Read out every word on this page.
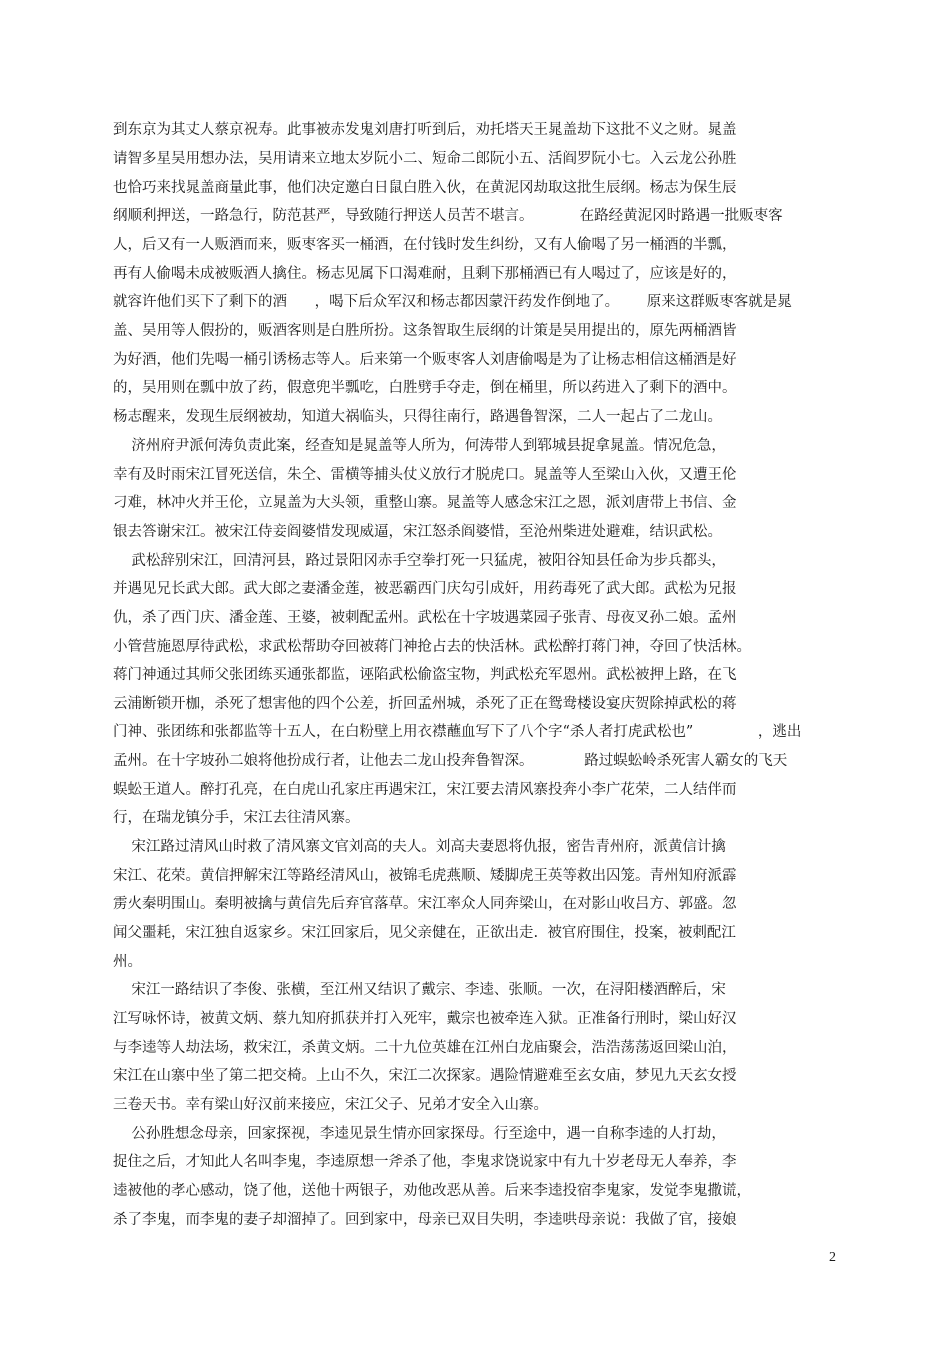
到东京为其丈人蔡京祝寿。此事被赤发鬼刘唐打听到后，劝托塔天王晁盖劫下这批不义之财。晁盖
请智多星吴用想办法，吴用请来立地太岁阮小二、短命二郎阮小五、活阎罗阮小七。入云龙公孙胜
也恰巧来找晁盖商量此事，他们决定邀白日鼠白胜入伙，在黄泥冈劫取这批生辰纲。杨志为保生辰
纲顺利押送，一路急行，防范甚严，导致随行押送人员苦不堪言。          在路经黄泥冈时路遇一批贩枣客
人，后又有一人贩酒而来，贩枣客买一桶酒，在付钱时发生纠纷，又有人偷喝了另一桶酒的半瓢，
再有人偷喝未成被贩酒人擒住。杨志见属下口渴难耐，且剩下那桶酒已有人喝过了，应该是好的，
就容许他们买下了剩下的酒      ，喝下后众军汉和杨志都因蒙汗药发作倒地了。      原来这群贩枣客就是晁
盖、吴用等人假扮的，贩酒客则是白胜所扮。这条智取生辰纲的计策是吴用提出的，原先两桶酒皆
为好酒，他们先喝一桶引诱杨志等人。后来第一个贩枣客人刘唐偷喝是为了让杨志相信这桶酒是好
的，吴用则在瓢中放了药，假意兜半瓢吃，白胜劈手夺走，倒在桶里，所以药进入了剩下的酒中。
杨志醒来，发现生辰纲被劫，知道大祸临头，只得往南行，路遇鲁智深，二人一起占了二龙山。
济州府尹派何涛负责此案，经查知是晁盖等人所为，何涛带人到郓城县捉拿晁盖。情况危急，
幸有及时雨宋江冒死送信，朱仝、雷横等捕头仗义放行才脱虎口。晁盖等人至梁山入伙，又遭王伦
刁难，林冲火并王伦，立晁盖为大头领，重整山寨。晁盖等人感念宋江之恩，派刘唐带上书信、金
银去答谢宋江。被宋江侍妾阎婆惜发现威逼，宋江怒杀阎婆惜，至沧州柴进处避难，结识武松。
武松辞别宋江，回清河县，路过景阳冈赤手空拳打死一只猛虎，被阳谷知县任命为步兵都头，
并遇见兄长武大郎。武大郎之妻潘金莲，被恶霸西门庆勾引成奸，用药毒死了武大郎。武松为兄报
仇，杀了西门庆、潘金莲、王婆，被刺配孟州。武松在十字坡遇菜园子张青、母夜叉孙二娘。孟州
小管营施恩厚待武松，求武松帮助夺回被蒋门神抢占去的快活林。武松醉打蒋门神，夺回了快活林。
蒋门神通过其师父张团练买通张都监，诬陷武松偷盗宝物，判武松充军恩州。武松被押上路，在飞
云浦断锁开枷，杀死了想害他的四个公差，折回孟州城，杀死了正在鸳鸯楼设宴庆贺除掉武松的蒋
门神、张团练和张都监等十五人，在白粉壁上用衣襟蘸血写下了八个字“杀人者打虎武松也”              ，逃出
孟州。在十字坡孙二娘将他扮成行者，让他去二龙山投奔鲁智深。           路过蜈蚣岭杀死害人霸女的飞天
蜈蚣王道人。醉打孔亮，在白虎山孔家庄再遇宋江，宋江要去清风寨投奔小李广花荣，二人结伴而
行，在瑞龙镇分手，宋江去往清风寨。
宋江路过清风山时救了清风寨文官刘高的夫人。刘高夫妻恩将仇报，密告青州府，派黄信计擒
宋江、花荣。黄信押解宋江等路经清风山，被锦毛虎燕顺、矮脚虎王英等救出囚笼。青州知府派霹
雳火秦明围山。秦明被擒与黄信先后弃官落草。宋江率众人同奔梁山，在对影山收吕方、郭盛。忽
闻父噩耗，宋江独自返家乡。宋江回家后，见父亲健在，正欲出走.  被官府围住，投案，被刺配江
州。
宋江一路结识了李俊、张横，至江州又结识了戴宗、李逵、张顺。一次，在浔阳楼酒醉后，宋
江写咏怀诗，被黄文炳、蔡九知府抓获并打入死牢，戴宗也被牵连入狱。正准备行刑时，梁山好汉
与李逵等人劫法场，救宋江，杀黄文炳。二十九位英雄在江州白龙庙聚会，浩浩荡荡返回梁山泊，
宋江在山寨中坐了第二把交椅。上山不久，宋江二次探家。遇险情避难至玄女庙，梦见九天玄女授
三卷天书。幸有梁山好汉前来接应，宋江父子、兄弟才安全入山寨。
公孙胜想念母亲，回家探视，李逵见景生情亦回家探母。行至途中，遇一自称李逵的人打劫，
捉住之后，才知此人名叫李鬼，李逵原想一斧杀了他，李鬼求饶说家中有九十岁老母无人奉养，李
逵被他的孝心感动，饶了他，送他十两银子，劝他改恶从善。后来李逵投宿李鬼家，发觉李鬼撒谎，
杀了李鬼，而李鬼的妻子却溜掉了。回到家中，母亲已双目失明，李逵哄母亲说：我做了官，接娘
2
